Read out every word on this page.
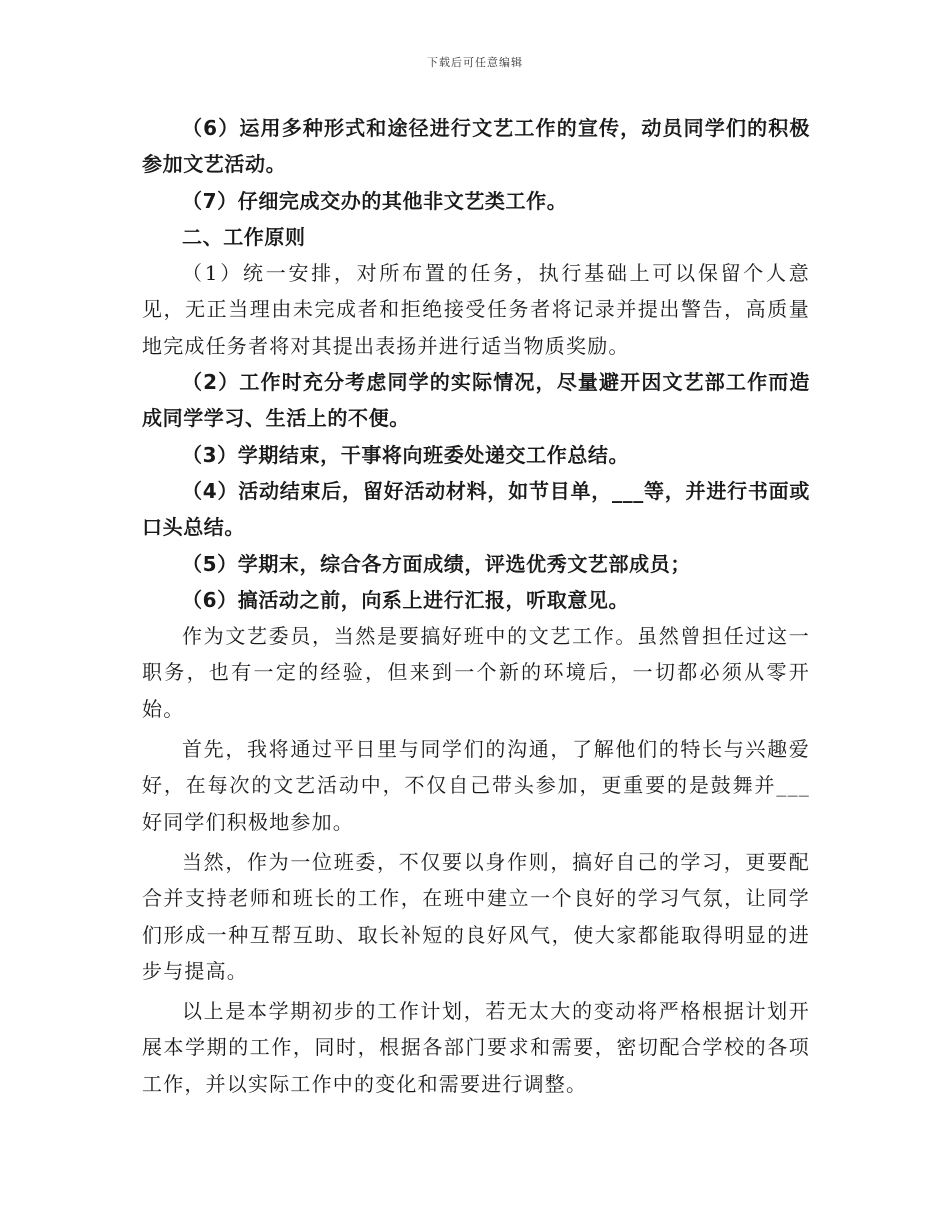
下载后可任意编辑

（6）运用多种形式和途径进行文艺工作的宣传，动员同学们的积极参加文艺活动。

（7）仔细完成交办的其他非文艺类工作。

二、工作原则

（1）统一安排，对所布置的任务，执行基础上可以保留个人意见，无正当理由未完成者和拒绝接受任务者将记录并提出警告，高质量地完成任务者将对其提出表扬并进行适当物质奖励。

（2）工作时充分考虑同学的实际情况，尽量避开因文艺部工作而造成同学学习、生活上的不便。

（3）学期结束，干事将向班委处递交工作总结。

（4）活动结束后，留好活动材料，如节目单，___等，并进行书面或口头总结。

（5）学期末，综合各方面成绩，评选优秀文艺部成员；

（6）搞活动之前，向系上进行汇报，听取意见。

作为文艺委员，当然是要搞好班中的文艺工作。虽然曾担任过这一职务，也有一定的经验，但来到一个新的环境后，一切都必须从零开始。

首先，我将通过平日里与同学们的沟通，了解他们的特长与兴趣爱好，在每次的文艺活动中，不仅自己带头参加，更重要的是鼓舞并___好同学们积极地参加。

当然，作为一位班委，不仅要以身作则，搞好自己的学习，更要配合并支持老师和班长的工作，在班中建立一个良好的学习气氛，让同学们形成一种互帮互助、取长补短的良好风气，使大家都能取得明显的进步与提高。

以上是本学期初步的工作计划，若无太大的变动将严格根据计划开展本学期的工作，同时，根据各部门要求和需要，密切配合学校的各项工作，并以实际工作中的变化和需要进行调整。
